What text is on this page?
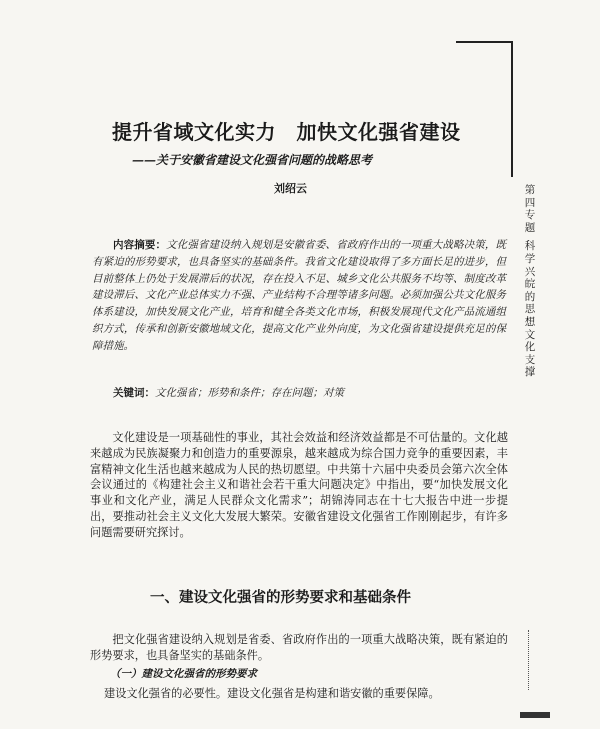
第四专题
科学兴皖的思想文化支撑
提升省域文化实力　加快文化强省建设
——关于安徽省建设文化强省问题的战略思考
刘绍云

内容摘要：文化强省建设纳入规划是安徽省委、省政府作出的一项重大战略决策，既有紧迫的形势要求，也具备坚实的基础条件。我省文化建设取得了多方面长足的进步，但目前整体上仍处于发展滞后的状况，存在投入不足、城乡文化公共服务不均等、制度改革建设滞后、文化产业总体实力不强、产业结构不合理等诸多问题。必须加强公共文化服务体系建设，加快发展文化产业，培育和健全各类文化市场，积极发展现代文化产品流通组织方式，传承和创新安徽地域文化，提高文化产业外向度，为文化强省建设提供充足的保障措施。

关键词：文化强省；形势和条件；存在问题；对策

文化建设是一项基础性的事业，其社会效益和经济效益都是不可估量的。文化越来越成为民族凝聚力和创造力的重要源泉，越来越成为综合国力竞争的重要因素，丰富精神文化生活也越来越成为人民的热切愿望。中共第十六届中央委员会第六次全体会议通过的《构建社会主义和谐社会若干重大问题决定》中指出，要“加快发展文化事业和文化产业，满足人民群众文化需求”；胡锦涛同志在十七大报告中进一步提出，要推动社会主义文化大发展大繁荣。安徽省建设文化强省工作刚刚起步，有许多问题需要研究探讨。

一、建设文化强省的形势要求和基础条件

把文化强省建设纳入规划是省委、省政府作出的一项重大战略决策，既有紧迫的形势要求，也具备坚实的基础条件。

（一）建设文化强省的形势要求
建设文化强省的必要性。建设文化强省是构建和谐安徽的重要保障。
